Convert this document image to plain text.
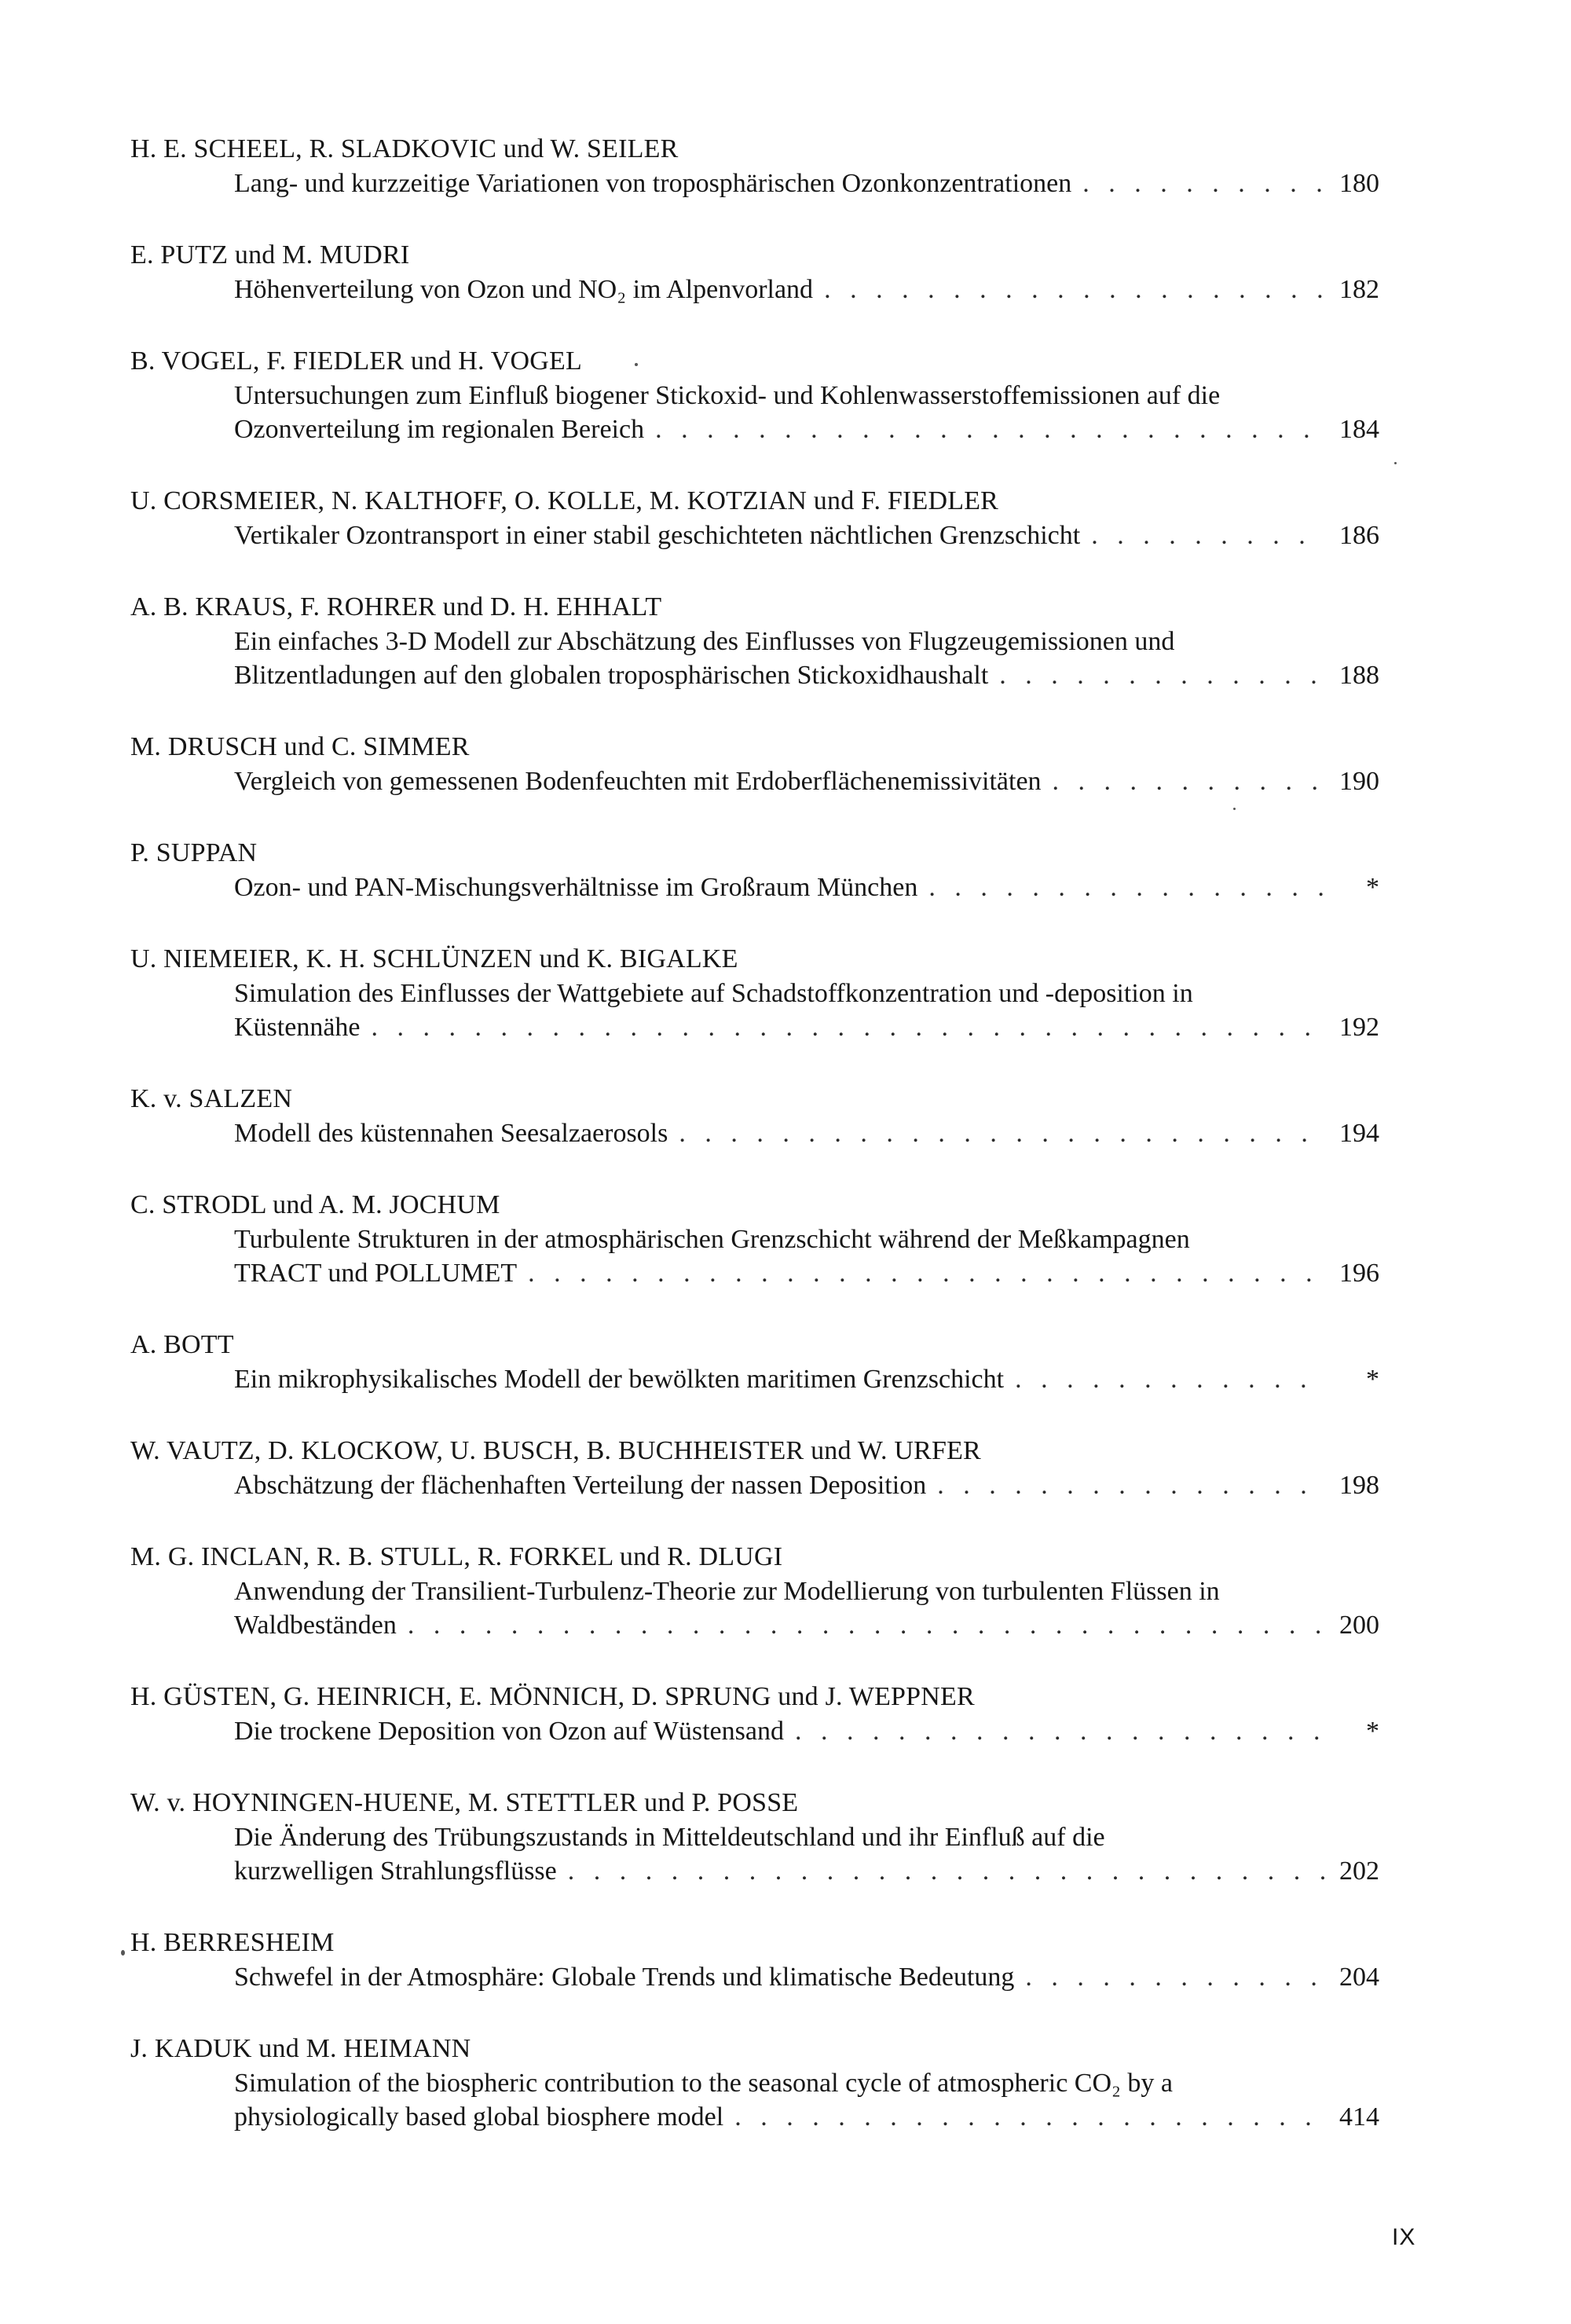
H. E. SCHEEL, R. SLADKOVIC und W. SEILER
Lang- und kurzzeitige Variationen von troposphärischen Ozonkonzentrationen . . .	180
E. PUTZ und M. MUDRI
Höhenverteilung von Ozon und NO₂ im Alpenvorland . . .	182
B. VOGEL, F. FIEDLER und H. VOGEL
Untersuchungen zum Einfluß biogener Stickoxid- und Kohlenwasserstoffemissionen auf die
Ozonverteilung im regionalen Bereich . . .	184
U. CORSMEIER, N. KALTHOFF, O. KOLLE, M. KOTZIAN und F. FIEDLER
Vertikaler Ozontransport in einer stabil geschichteten nächtlichen Grenzschicht . . .	186
A. B. KRAUS, F. ROHRER und D. H. EHHALT
Ein einfaches 3-D Modell zur Abschätzung des Einflusses von Flugzeugemissionen und
Blitzentladungen auf den globalen troposphärischen Stickoxidhaushalt . . .	188
M. DRUSCH und C. SIMMER
Vergleich von gemessenen Bodenfeuchten mit Erdoberflächenemissivitäten . . .	190
P. SUPPAN
Ozon- und PAN-Mischungsverhältnisse im Großraum München . . .	*
U. NIEMEIER, K. H. SCHLÜNZEN und K. BIGALKE
Simulation des Einflusses der Wattgebiete auf Schadstoffkonzentration und -deposition in
Küstennähe . . .	192
K. v. SALZEN
Modell des küstennahen Seesalzaerosols . . .	194
C. STRODL und A. M. JOCHUM
Turbulente Strukturen in der atmosphärischen Grenzschicht während der Meßkampagnen
TRACT und POLLUMET . . .	196
A. BOTT
Ein mikrophysikalisches Modell der bewölkten maritimen Grenzschicht . . .	*
W. VAUTZ, D. KLOCKOW, U. BUSCH, B. BUCHHEISTER und W. URFER
Abschätzung der flächenhaften Verteilung der nassen Deposition . . .	198
M. G. INCLAN, R. B. STULL, R. FORKEL und R. DLUGI
Anwendung der Transilient-Turbulenz-Theorie zur Modellierung von turbulenten Flüssen in
Waldbeständen . . .	200
H. GÜSTEN, G. HEINRICH, E. MÖNNICH, D. SPRUNG und J. WEPPNER
Die trockene Deposition von Ozon auf Wüstensand . . .	*
W. v. HOYNINGEN-HUENE, M. STETTLER und P. POSSE
Die Änderung des Trübungszustands in Mitteldeutschland und ihr Einfluß auf die
kurzwelligen Strahlungsflüsse . . .	202
H. BERRESHEIM
Schwefel in der Atmosphäre: Globale Trends und klimatische Bedeutung . . .	204
J. KADUK und M. HEIMANN
Simulation of the biospheric contribution to the seasonal cycle of atmospheric CO₂ by a
physiologically based global biosphere model . . .	414
IX
